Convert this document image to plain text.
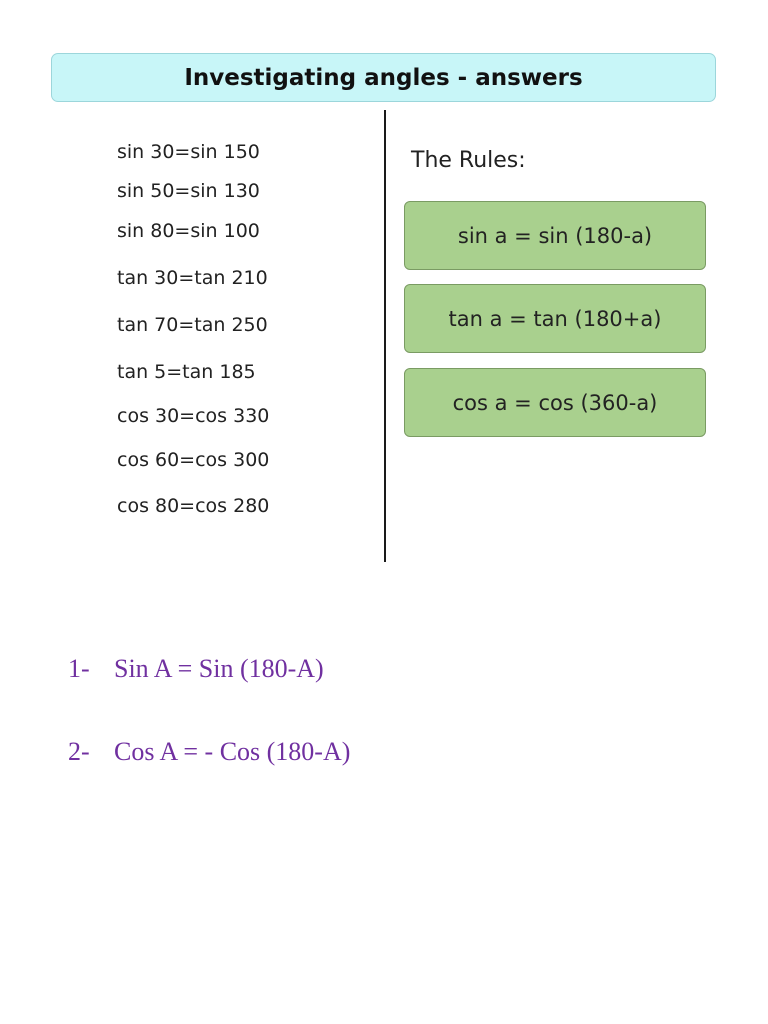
Investigating angles - answers
sin 30=sin 150
sin 50=sin 130
sin 80=sin 100
tan 30=tan 210
tan 70=tan 250
tan 5=tan 185
cos 30=cos 330
cos 60=cos 300
cos 80=cos 280
The Rules:
sin a = sin (180-a)
tan a = tan (180+a)
cos a = cos (360-a)
1- Sin A = Sin (180-A)
2- Cos A = - Cos (180-A)
